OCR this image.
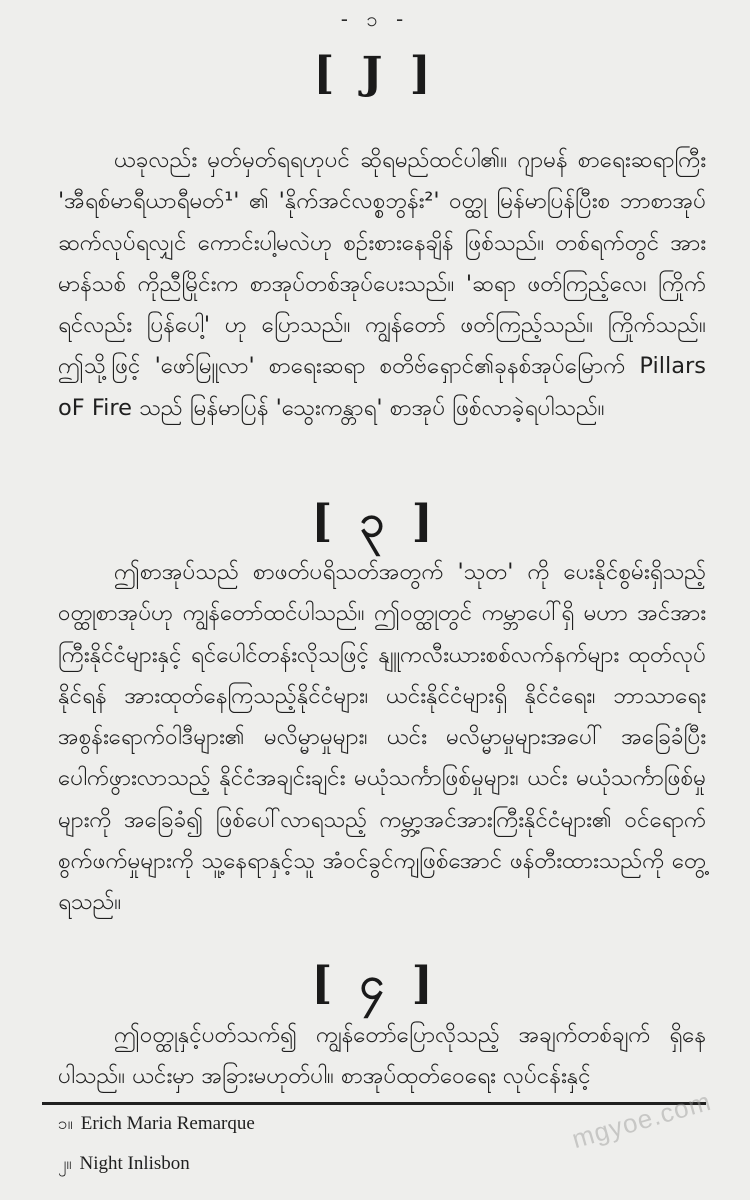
- ၁ -
[ J ]

ယခုလည်း မှတ်မှတ်ရရဟုပင် ဆိုရမည်ထင်ပါ၏။ ဂျာမန် စာရေးဆရာကြီး 'အီရစ်မာရီယာရီမတ်¹' ၏ 'နိုက်အင်လစ္စဘွန်း²' ဝတ္ထု မြန်မာပြန်ပြီးစ ဘာစာအုပ် ဆက်လုပ်ရလျှင် ကောင်းပါ့မလဲဟု စဉ်းစားနေချိန် ဖြစ်သည်။ တစ်ရက်တွင် အားမာန်သစ် ကိုညီမြိုင်းက စာအုပ်တစ်အုပ်ပေးသည်။ 'ဆရာ ဖတ်ကြည့်လေ၊ ကြိုက်ရင်လည်း ပြန်ပေါ့' ဟု ပြောသည်။ ကျွန်တော် ဖတ်ကြည့်သည်။ ကြိုက်သည်။ ဤသို့ဖြင့် 'ဖော်မြူလာ' စာရေးဆရာ စတိဗ်ရှောင်၏ခုနစ်အုပ်မြောက် Pillars oF Fire သည် မြန်မာပြန် 'သွေးကန္တာရ' စာအုပ် ဖြစ်လာခဲ့ရပါသည်။

[ ၃ ]

ဤစာအုပ်သည် စာဖတ်ပရိသတ်အတွက် 'သုတ' ကို ပေးနိုင်စွမ်းရှိသည့် ဝတ္ထုစာအုပ်ဟု ကျွန်တော်ထင်ပါသည်။ ဤဝတ္ထုတွင် ကမ္ဘာပေါ်ရှိ မဟာ အင်အားကြီးနိုင်ငံများနှင့် ရင်ပေါင်တန်းလိုသဖြင့် နျူကလီးယားစစ်လက်နက်များ ထုတ်လုပ်နိုင်ရန် အားထုတ်နေကြသည့်နိုင်ငံများ၊ ယင်းနိုင်ငံများရှိ နိုင်ငံရေး၊ ဘာသာရေး အစွန်းရောက်ဝါဒီများ၏ မလိမ္မာမှုများ၊ ယင်း မလိမ္မာမှုများအပေါ် အခြေခံပြီး ပေါက်ဖွားလာသည့် နိုင်ငံအချင်းချင်း မယုံသင်္ကာဖြစ်မှုများ၊ ယင်း မယုံသင်္ကာဖြစ်မှုများကို အခြေခံ၍ ဖြစ်ပေါ်လာရသည့် ကမ္ဘာ့အင်အားကြီးနိုင်ငံများ၏ ဝင်ရောက်စွက်ဖက်မှုများကို သူ့နေရာနှင့်သူ အံဝင်ခွင်ကျဖြစ်အောင် ဖန်တီးထားသည်ကို တွေ့ရသည်။

[ ၄ ]

ဤဝတ္ထုနှင့်ပတ်သက်၍ ကျွန်တော်ပြောလိုသည့် အချက်တစ်ချက် ရှိနေပါသည်။ ယင်းမှာ အခြားမဟုတ်ပါ။ စာအုပ်ထုတ်ဝေရေး လုပ်ငန်းနှင့်

၁။ Erich Maria Remarque
၂။ Night Inlisbon
mgyoe.com
